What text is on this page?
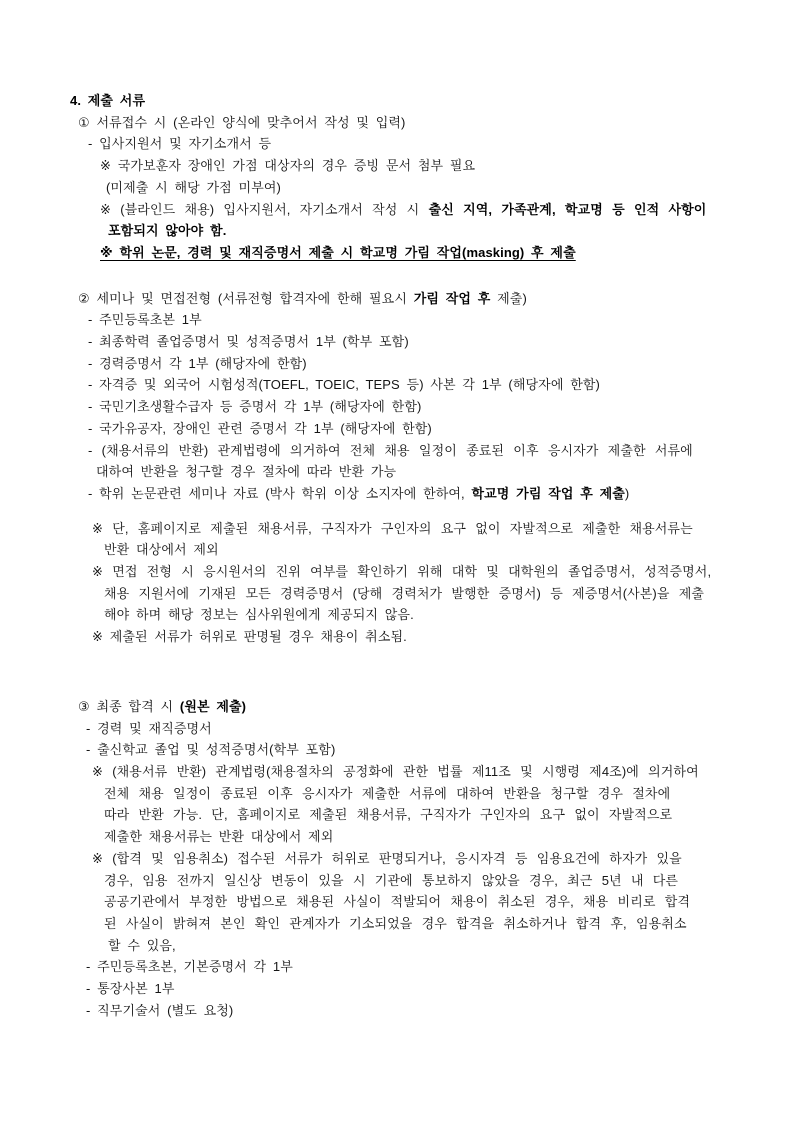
4. 제출 서류
① 서류접수 시 (온라인 양식에 맞추어서 작성 및 입력)
- 입사지원서 및 자기소개서 등
※ 국가보훈자 장애인 가점 대상자의 경우 증빙 문서 첨부 필요
(미제출 시 해당 가점 미부여)
※ (블라인드 채용) 입사지원서, 자기소개서 작성 시 출신 지역, 가족관계, 학교명 등 인적 사항이
포함되지 않아야 함.
※ 학위 논문, 경력 및 재직증명서 제출 시 학교명 가림 작업(masking) 후 제출
② 세미나 및 면접전형 (서류전형 합격자에 한해 필요시 가림 작업 후 제출)
- 주민등록초본 1부
- 최종학력 졸업증명서 및 성적증명서 1부 (학부 포함)
- 경력증명서 각 1부 (해당자에 한함)
- 자격증 및 외국어 시험성적(TOEFL, TOEIC, TEPS 등) 사본 각 1부 (해당자에 한함)
- 국민기초생활수급자 등 증명서 각 1부 (해당자에 한함)
- 국가유공자, 장애인 관련 증명서 각 1부 (해당자에 한함)
- (채용서류의 반환) 관계법령에 의거하여 전체 채용 일정이 종료된 이후 응시자가 제출한 서류에
대하여 반환을 청구할 경우 절차에 따라 반환 가능
- 학위 논문관련 세미나 자료 (박사 학위 이상 소지자에 한하여, 학교명 가림 작업 후 제출)
※ 단, 홈페이지로 제출된 채용서류, 구직자가 구인자의 요구 없이 자발적으로 제출한 채용서류는
반환 대상에서 제외
※ 면접 전형 시 응시원서의 진위 여부를 확인하기 위해 대학 및 대학원의 졸업증명서, 성적증명서,
채용 지원서에 기재된 모든 경력증명서 (당해 경력처가 발행한 증명서) 등 제증명서(사본)을 제출
해야 하며 해당 정보는 심사위원에게 제공되지 않음.
※ 제출된 서류가 허위로 판명될 경우 채용이 취소됨.
③ 최종 합격 시 (원본 제출)
- 경력 및 재직증명서
- 출신학교 졸업 및 성적증명서(학부 포함)
※ (채용서류 반환) 관계법령(채용절차의 공정화에 관한 법률 제11조 및 시행령 제4조)에 의거하여
전체 채용 일정이 종료된 이후 응시자가 제출한 서류에 대하여 반환을 청구할 경우 절차에
따라 반환 가능. 단, 홈페이지로 제출된 채용서류, 구직자가 구인자의 요구 없이 자발적으로
제출한 채용서류는 반환 대상에서 제외
※ (합격 및 임용취소) 접수된 서류가 허위로 판명되거나, 응시자격 등 임용요건에 하자가 있을
경우, 임용 전까지 일신상 변동이 있을 시 기관에 통보하지 않았을 경우, 최근 5년 내 다른
공공기관에서 부정한 방법으로 채용된 사실이 적발되어 채용이 취소된 경우, 채용 비리로 합격
된 사실이 밝혀져 본인 확인 관계자가 기소되었을 경우 합격을 취소하거나 합격 후, 임용취소
할 수 있음,
- 주민등록초본, 기본증명서 각 1부
- 통장사본 1부
- 직무기술서 (별도 요청)
